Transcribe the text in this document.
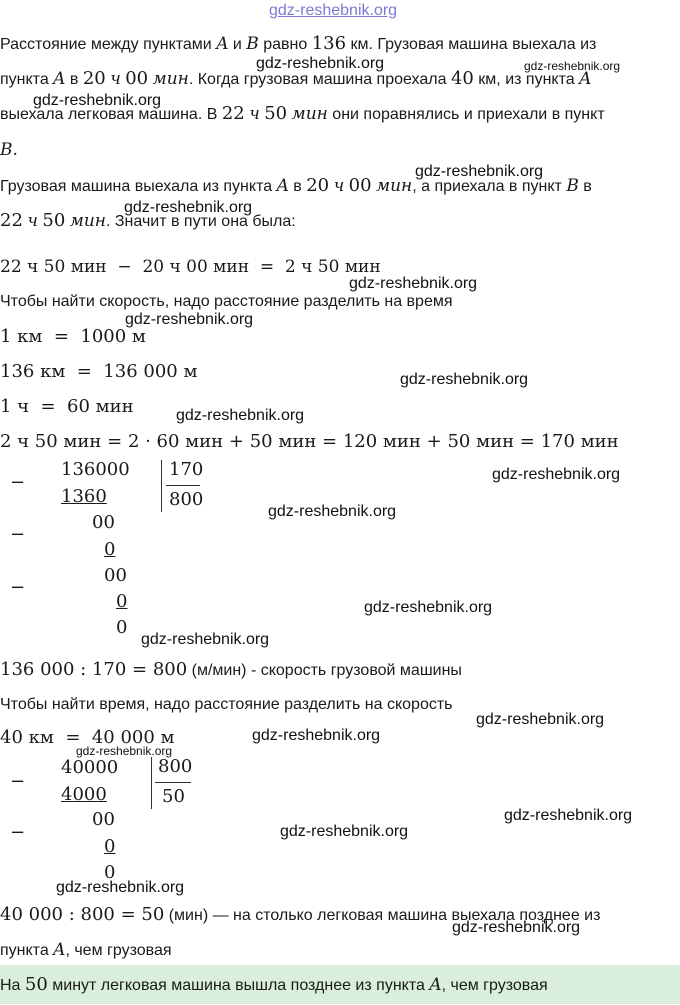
gdz-reshebnik.org
Расстояние между пунктами A и B равно 136 км. Грузовая машина выехала из
пункта A в 20 ч 00 мин. Когда грузовая машина проехала 40 км, из пункта A
выехала легковая машина. В 22 ч 50 мин они поравнялись и приехали в пункт
B.
Грузовая машина выехала из пункта A в 20 ч 00 мин, а приехала в пункт B в
22 ч 50 мин. Значит в пути она была:
22 ч 50 мин  −  20 ч 00 мин  =  2 ч 50 мин
Чтобы найти скорость, надо расстояние разделить на время
1 км  =  1000 м
136 км  =  136 000 м
1 ч  =  60 мин
2 ч 50 мин = 2 · 60 мин + 50 мин = 120 мин + 50 мин = 170 мин
−
136000
1360
170
800
00
−
0
00
−
0
0
136 000 : 170 = 800 (м/мин) - скорость грузовой машины
Чтобы найти время, надо расстояние разделить на скорость
40 км  =  40 000 м
−
40000
4000
800
50
00
−
0
0
40 000 : 800 = 50 (мин) — на столько легковая машина выехала позднее из
пункта A, чем грузовая
На 50 минут легковая машина вышла позднее из пункта A, чем грузовая
gdz-reshebnik.org	gdz-reshebnik.org
gdz-reshebnik.org
gdz-reshebnik.org
gdz-reshebnik.org
gdz-reshebnik.org
gdz-reshebnik.org
gdz-reshebnik.org
gdz-reshebnik.org
gdz-reshebnik.org
gdz-reshebnik.org
gdz-reshebnik.org
gdz-reshebnik.org
gdz-reshebnik.org
gdz-reshebnik.org
gdz-reshebnik.org
gdz-reshebnik.org
gdz-reshebnik.org
gdz-reshebnik.org
gdz-reshebnik.org
